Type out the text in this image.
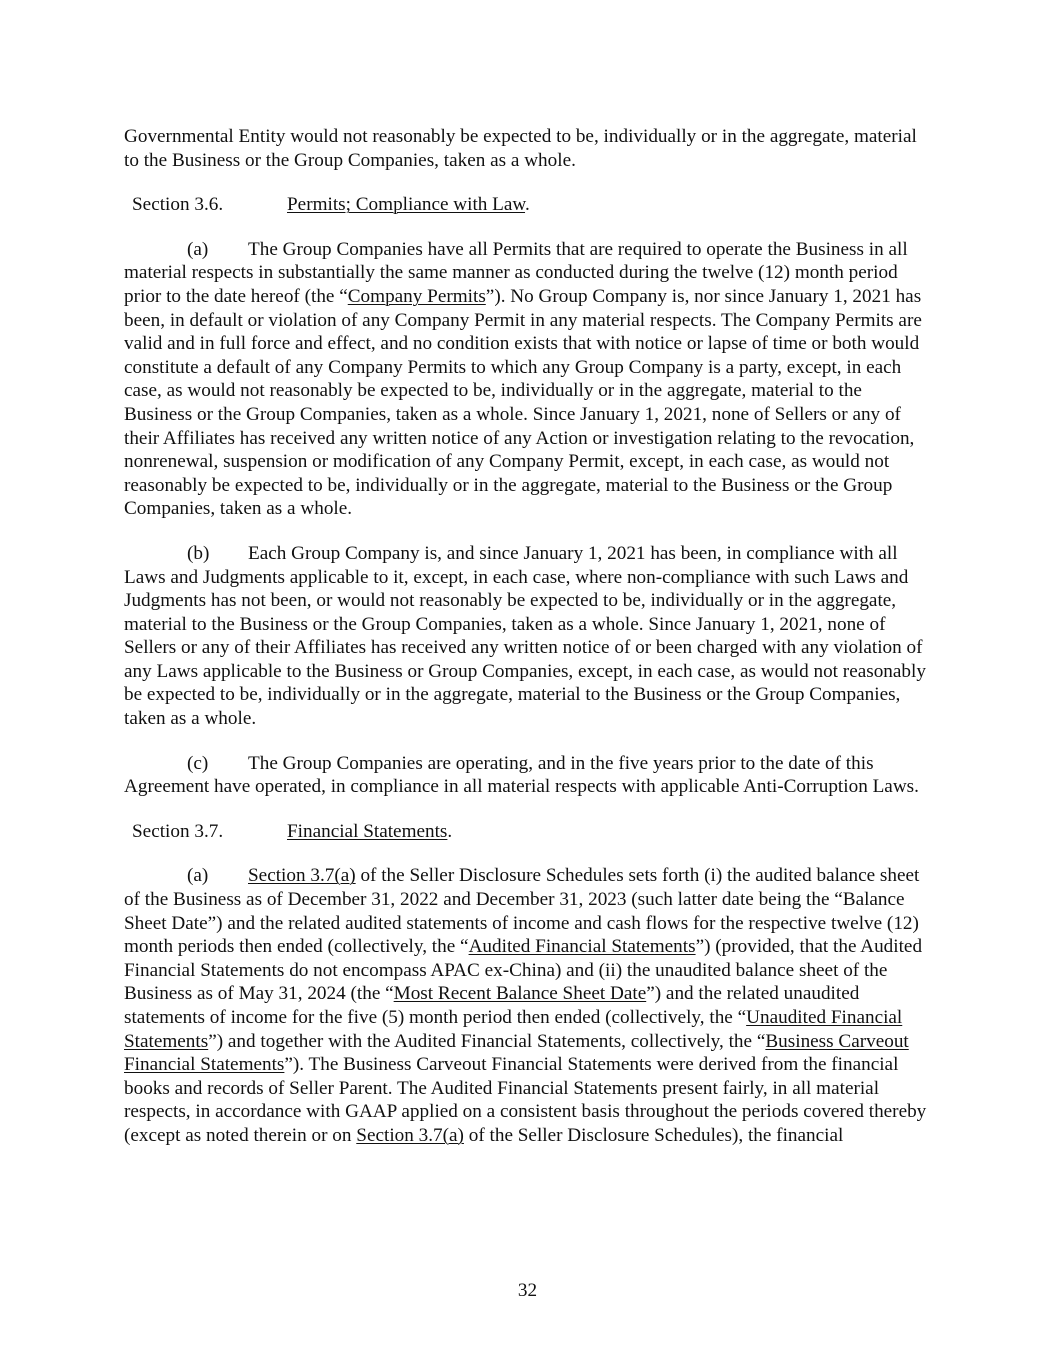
Governmental Entity would not reasonably be expected to be, individually or in the aggregate, material to the Business or the Group Companies, taken as a whole.

Section 3.6.	Permits; Compliance with Law.

(a) The Group Companies have all Permits that are required to operate the Business in all material respects in substantially the same manner as conducted during the twelve (12) month period prior to the date hereof (the “Company Permits”). No Group Company is, nor since January 1, 2021 has been, in default or violation of any Company Permit in any material respects. The Company Permits are valid and in full force and effect, and no condition exists that with notice or lapse of time or both would constitute a default of any Company Permits to which any Group Company is a party, except, in each case, as would not reasonably be expected to be, individually or in the aggregate, material to the Business or the Group Companies, taken as a whole. Since January 1, 2021, none of Sellers or any of their Affiliates has received any written notice of any Action or investigation relating to the revocation, nonrenewal, suspension or modification of any Company Permit, except, in each case, as would not reasonably be expected to be, individually or in the aggregate, material to the Business or the Group Companies, taken as a whole.

(b) Each Group Company is, and since January 1, 2021 has been, in compliance with all Laws and Judgments applicable to it, except, in each case, where non-compliance with such Laws and Judgments has not been, or would not reasonably be expected to be, individually or in the aggregate, material to the Business or the Group Companies, taken as a whole. Since January 1, 2021, none of Sellers or any of their Affiliates has received any written notice of or been charged with any violation of any Laws applicable to the Business or Group Companies, except, in each case, as would not reasonably be expected to be, individually or in the aggregate, material to the Business or the Group Companies, taken as a whole.

(c) The Group Companies are operating, and in the five years prior to the date of this Agreement have operated, in compliance in all material respects with applicable Anti-Corruption Laws.

Section 3.7.	Financial Statements.

(a) Section 3.7(a) of the Seller Disclosure Schedules sets forth (i) the audited balance sheet of the Business as of December 31, 2022 and December 31, 2023 (such latter date being the “Balance Sheet Date”) and the related audited statements of income and cash flows for the respective twelve (12) month periods then ended (collectively, the “Audited Financial Statements”) (provided, that the Audited Financial Statements do not encompass APAC ex-China) and (ii) the unaudited balance sheet of the Business as of May 31, 2024 (the “Most Recent Balance Sheet Date”) and the related unaudited statements of income for the five (5) month period then ended (collectively, the “Unaudited Financial Statements”) and together with the Audited Financial Statements, collectively, the “Business Carveout Financial Statements”). The Business Carveout Financial Statements were derived from the financial books and records of Seller Parent. The Audited Financial Statements present fairly, in all material respects, in accordance with GAAP applied on a consistent basis throughout the periods covered thereby (except as noted therein or on Section 3.7(a) of the Seller Disclosure Schedules), the financial

32
